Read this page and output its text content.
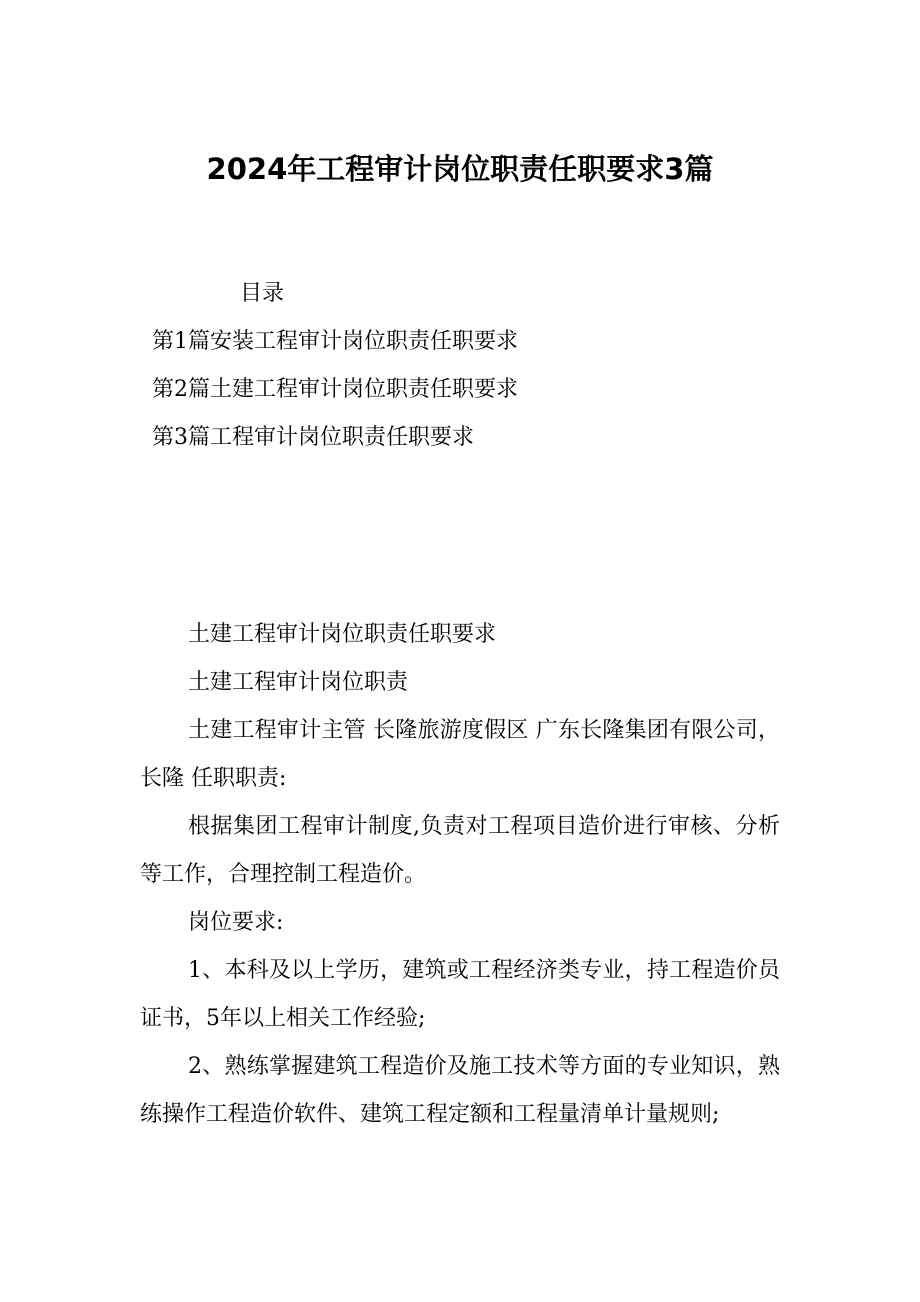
2024年工程审计岗位职责任职要求3篇
目录
第1篇安装工程审计岗位职责任职要求
第2篇土建工程审计岗位职责任职要求
第3篇工程审计岗位职责任职要求

土建工程审计岗位职责任职要求

土建工程审计岗位职责

土建工程审计主管 长隆旅游度假区 广东长隆集团有限公司，长隆 任职职责:

根据集团工程审计制度,负责对工程项目造价进行审核、分析等工作，合理控制工程造价。

岗位要求:

1、本科及以上学历，建筑或工程经济类专业，持工程造价员证书，5年以上相关工作经验;

2、熟练掌握建筑工程造价及施工技术等方面的专业知识，熟练操作工程造价软件、建筑工程定额和工程量清单计量规则;
